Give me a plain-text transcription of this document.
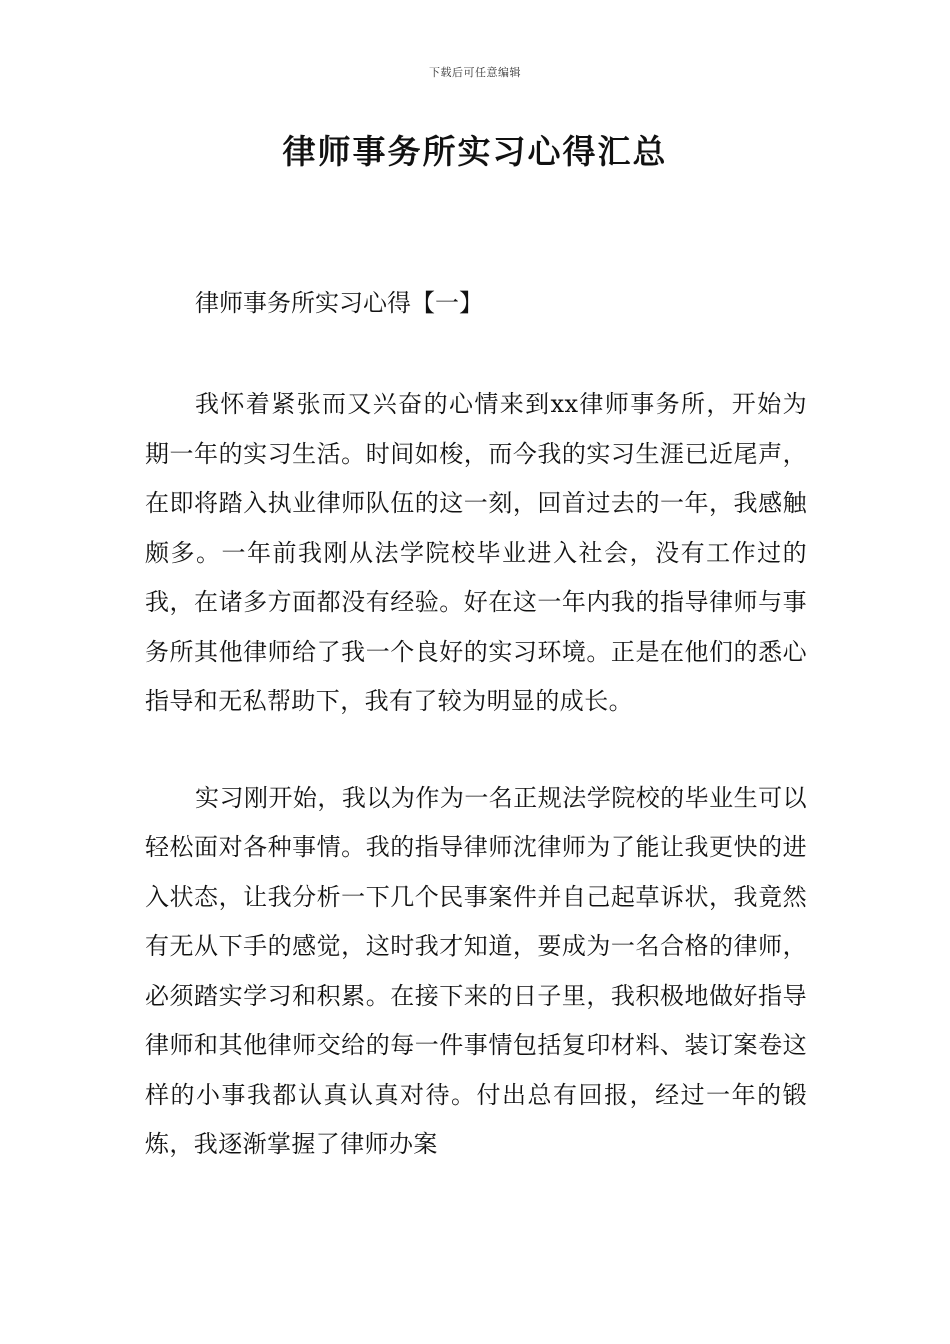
下载后可任意编辑
律师事务所实习心得汇总

律师事务所实习心得【一】

我怀着紧张而又兴奋的心情来到xx律师事务所，开始为期一年的实习生活。时间如梭，而今我的实习生涯已近尾声，在即将踏入执业律师队伍的这一刻，回首过去的一年，我感触颇多。一年前我刚从法学院校毕业进入社会，没有工作过的我，在诸多方面都没有经验。好在这一年内我的指导律师与事务所其他律师给了我一个良好的实习环境。正是在他们的悉心指导和无私帮助下，我有了较为明显的成长。

实习刚开始，我以为作为一名正规法学院校的毕业生可以轻松面对各种事情。我的指导律师沈律师为了能让我更快的进入状态，让我分析一下几个民事案件并自己起草诉状，我竟然有无从下手的感觉，这时我才知道，要成为一名合格的律师，必须踏实学习和积累。在接下来的日子里，我积极地做好指导律师和其他律师交给的每一件事情包括复印材料、装订案卷这样的小事我都认真认真对待。付出总有回报，经过一年的锻炼，我逐渐掌握了律师办案
